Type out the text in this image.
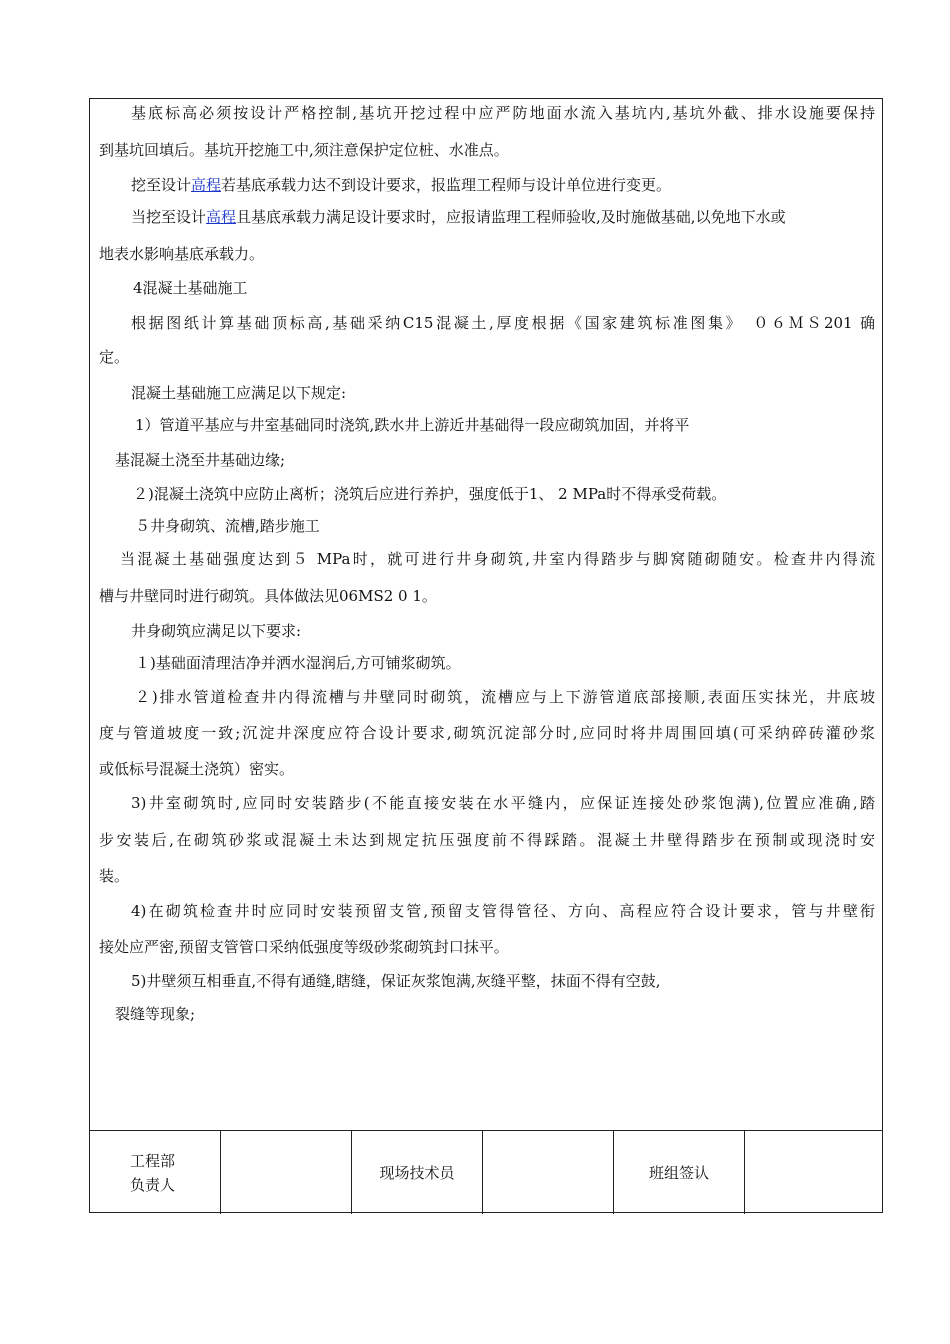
基底标高必须按设计严格控制,基坑开挖过程中应严防地面水流入基坑内,基坑外截、排水设施要保持
到基坑回填后。基坑开挖施工中,须注意保护定位桩、水准点。
挖至设计高程若基底承载力达不到设计要求，报监理工程师与设计单位进行变更。
当挖至设计高程且基底承载力满足设计要求时，应报请监理工程师验收,及时施做基础,以免地下水或
地表水影响基底承载力。
4混凝土基础施工
根据图纸计算基础顶标高,基础采纳C15混凝土,厚度根据《国家建筑标准图集》　０６ＭＳ201 确
定。
混凝土基础施工应满足以下规定:
1）管道平基应与井室基础同时浇筑,跌水井上游近井基础得一段应砌筑加固，并将平
基混凝土浇至井基础边缘;
２)混凝土浇筑中应防止离析；浇筑后应进行养护，强度低于1、 2 MPa时不得承受荷载。
５井身砌筑、流槽,踏步施工
当混凝土基础强度达到５ MPa时，就可进行井身砌筑,井室内得踏步与脚窝随砌随安。检查井内得流
槽与井壁同时进行砌筑。具体做法见06MS2 0 1。
井身砌筑应满足以下要求:
１)基础面清理洁净并洒水湿润后,方可铺浆砌筑。
２)排水管道检查井内得流槽与井壁同时砌筑，流槽应与上下游管道底部接顺,表面压实抹光，井底坡
度与管道坡度一致;沉淀井深度应符合设计要求,砌筑沉淀部分时,应同时将井周围回填(可采纳碎砖灌砂浆
或低标号混凝土浇筑）密实。
3)井室砌筑时,应同时安装踏步(不能直接安装在水平缝内，应保证连接处砂浆饱满),位置应准确,踏
步安装后,在砌筑砂浆或混凝土未达到规定抗压强度前不得踩踏。混凝土井壁得踏步在预制或现浇时安
装。
4)在砌筑检查井时应同时安装预留支管,预留支管得管径、方向、高程应符合设计要求，管与井壁衔
接处应严密,预留支管管口采纳低强度等级砂浆砌筑封口抹平。
5)井壁须互相垂直,不得有通缝,瞎缝，保证灰浆饱满,灰缝平整，抹面不得有空鼓,
裂缝等现象;
工程部
负责人
现场技术员	班组签认
